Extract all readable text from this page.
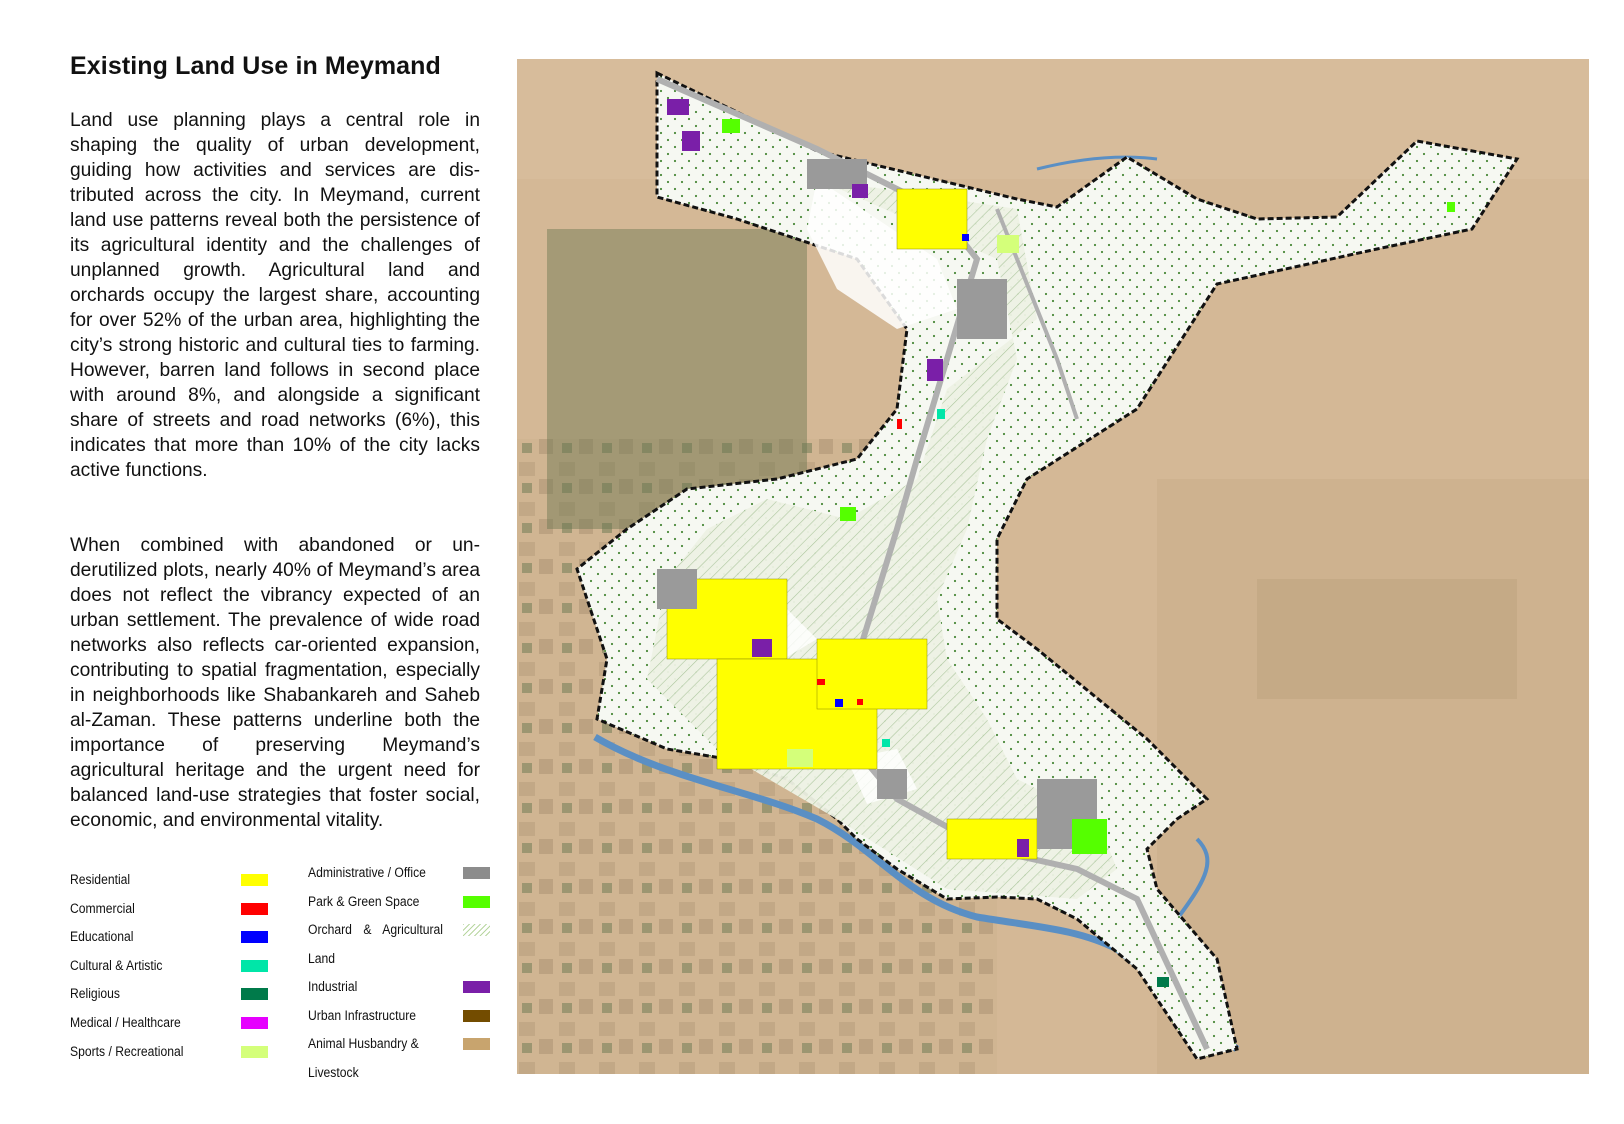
Existing Land Use in Meymand
Land use planning plays a central role in shaping the quality of urban development, guiding how activities and services are distributed across the city. In Meymand, current land use patterns reveal both the persistence of its agricultural identity and the challenges of unplanned growth. Agricultural land and orchards occupy the largest share, accounting for over 52% of the urban area, highlighting the city’s strong historic and cultural ties to farming. However, barren land follows in second place with around 8%, and alongside a significant share of streets and road networks (6%), this indicates that more than 10% of the city lacks active functions.
When combined with abandoned or underutilized plots, nearly 40% of Meymand’s area does not reflect the vibrancy expected of an urban settlement. The prevalence of wide road networks also reflects car-oriented expansion, contributing to spatial fragmentation, especially in neighborhoods like Shabankareh and Saheb al-Zaman. These patterns underline both the importance of preserving Meymand’s agricultural heritage and the urgent need for balanced land-use strategies that foster social, economic, and environmental vitality.
Residential
Commercial
Educational
Cultural & Artistic
Religious
Medical / Healthcare
Sports / Recreational
Administrative / Office
Park & Green Space
Orchard & Agricultural Land
Industrial
Urban Infrastructure
Animal Husbandry & Livestock
